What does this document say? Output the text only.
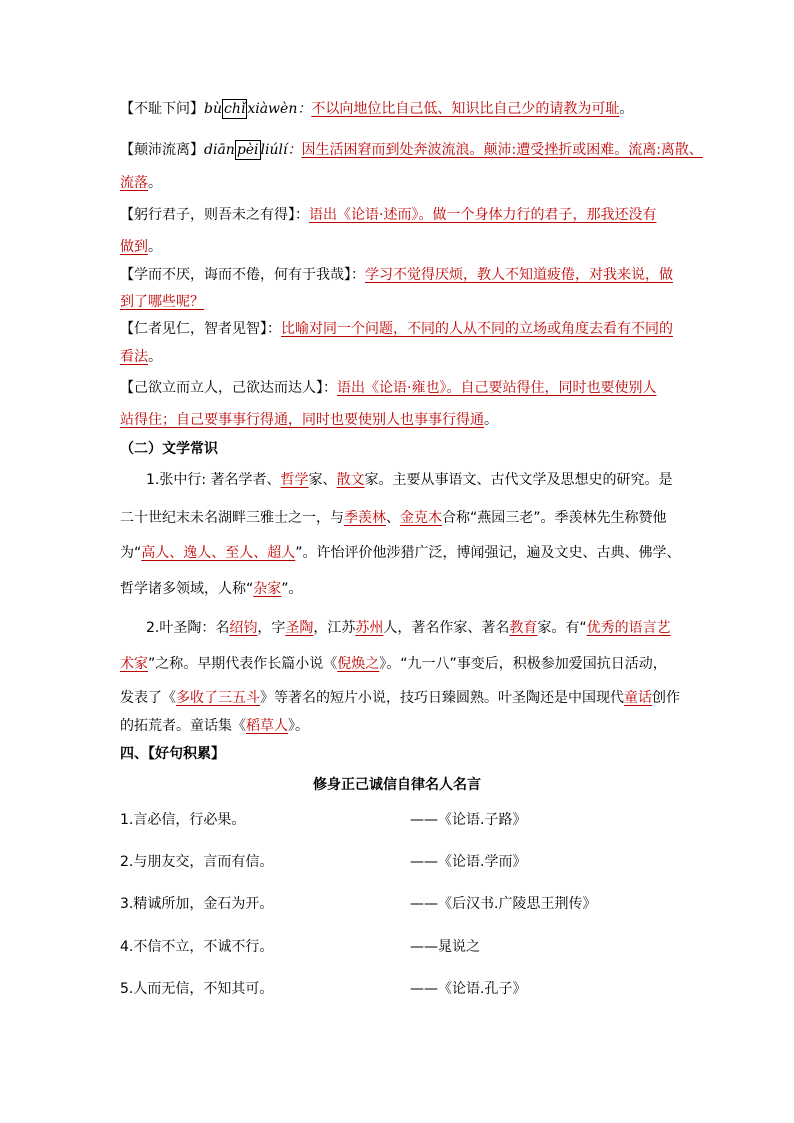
【不耻下问】bù chǐ xiàwèn：不以向地位比自己低、知识比自己少的请教为可耻。
【颠沛流离】diān pèi liúlí：因生活困窘而到处奔波流浪。颠沛:遭受挫折或困难。流离:离散、
流落。
【躬行君子，则吾未之有得】：语出《论语·述而》。做一个身体力行的君子，那我还没有
做到。
【学而不厌，诲而不倦，何有于我哉】：学习不觉得厌烦，教人不知道疲倦，对我来说，做
到了哪些呢？
【仁者见仁，智者见智】：比喻对同一个问题，不同的人从不同的立场或角度去看有不同的
看法。
【己欲立而立人，己欲达而达人】：语出《论语·雍也》。自己要站得住，同时也要使别人
站得住；自己要事事行得通，同时也要使别人也事事行得通。
（二）文学常识
1.张中行: 著名学者、哲学家、散文家。主要从事语文、古代文学及思想史的研究。是
二十世纪末未名湖畔三雅士之一，与季羡林、金克木合称“燕园三老”。季羡林先生称赞他
为“高人、逸人、至人、超人”。许怡评价他涉猎广泛，博闻强记，遍及文史、古典、佛学、
哲学诸多领域，人称“杂家”。
2.叶圣陶：名绍钧，字圣陶，江苏苏州人，著名作家、著名教育家。有“优秀的语言艺
术家”之称。早期代表作长篇小说《倪焕之》。“九一八”事变后，积极参加爱国抗日活动，
发表了《多收了三五斗》等著名的短片小说，技巧日臻圆熟。叶圣陶还是中国现代童话创作
的拓荒者。童话集《稻草人》。
四、【好句积累】
修身正己诚信自律名人名言
1.言必信，行必果。	——《论语.子路》
2.与朋友交，言而有信。	——《论语.学而》
3.精诚所加，金石为开。	——《后汉书.广陵思王荆传》
4.不信不立，不诚不行。	——晁说之
5.人而无信，不知其可。	——《论语.孔子》
